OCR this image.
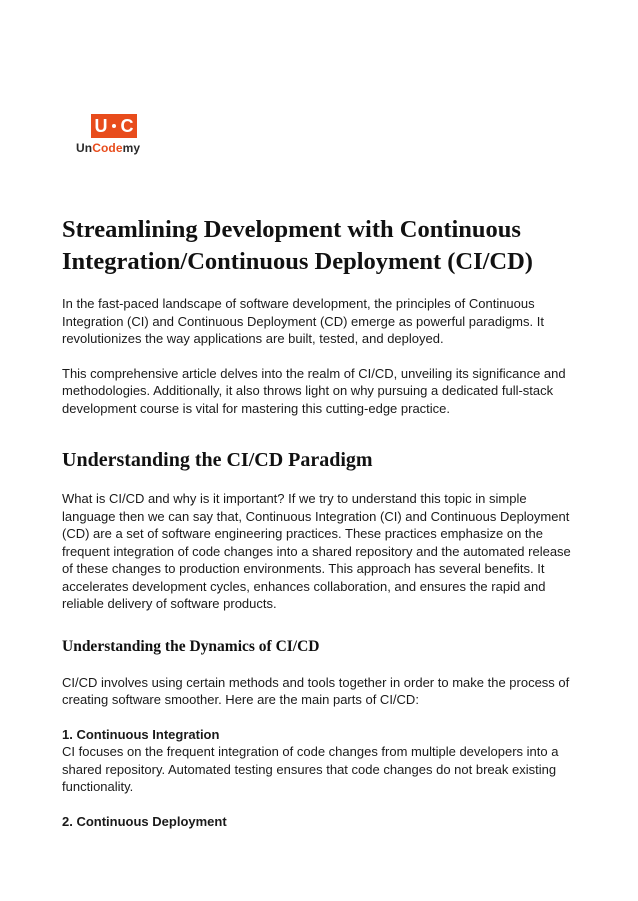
U C
UnCodemy
Streamlining Development with Continuous Integration/Continuous Deployment (CI/CD)

In the fast-paced landscape of software development, the principles of Continuous Integration (CI) and Continuous Deployment (CD) emerge as powerful paradigms. It revolutionizes the way applications are built, tested, and deployed.

This comprehensive article delves into the realm of CI/CD, unveiling its significance and methodologies. Additionally, it also throws light on why pursuing a dedicated full-stack development course is vital for mastering this cutting-edge practice.

Understanding the CI/CD Paradigm

What is CI/CD and why is it important? If we try to understand this topic in simple language then we can say that, Continuous Integration (CI) and Continuous Deployment (CD) are a set of software engineering practices. These practices emphasize on the frequent integration of code changes into a shared repository and the automated release of these changes to production environments. This approach has several benefits. It accelerates development cycles, enhances collaboration, and ensures the rapid and reliable delivery of software products.

Understanding the Dynamics of CI/CD

CI/CD involves using certain methods and tools together in order to make the process of creating software smoother. Here are the main parts of CI/CD:

1. Continuous Integration

CI focuses on the frequent integration of code changes from multiple developers into a shared repository. Automated testing ensures that code changes do not break existing functionality.

2. Continuous Deployment
